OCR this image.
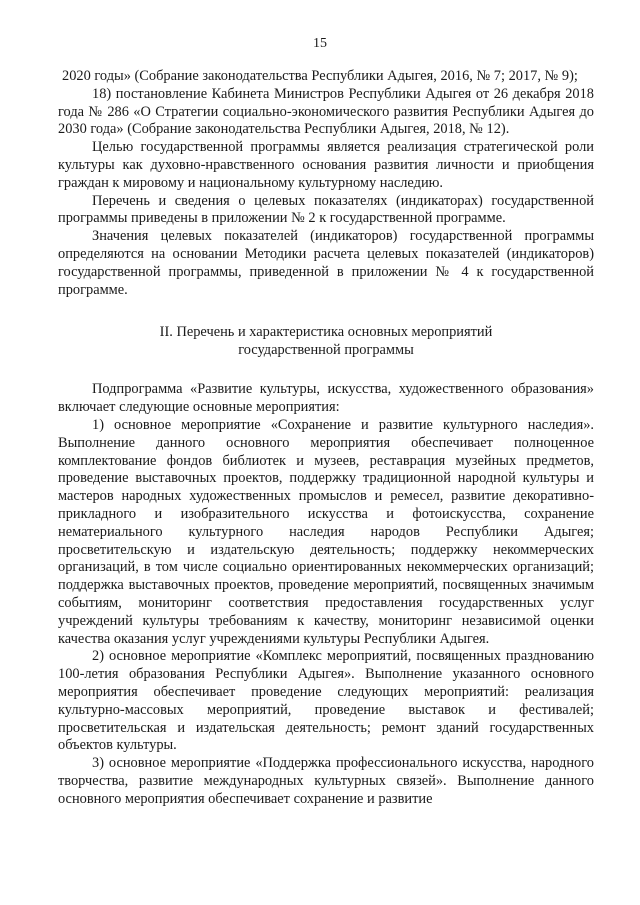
15

2020 годы» (Собрание законодательства Республики Адыгея, 2016, № 7; 2017, № 9);

18) постановление Кабинета Министров Республики Адыгея от 26 декабря 2018 года № 286 «О Стратегии социально-экономического развития Республики Адыгея до 2030 года» (Собрание законодательства Республики Адыгея, 2018, № 12).

Целью государственной программы является реализация стратегической роли культуры как духовно-нравственного основания развития личности и приобщения граждан к мировому и национальному культурному наследию.

Перечень и сведения о целевых показателях (индикаторах) государственной программы приведены в приложении № 2 к государственной программе.

Значения целевых показателей (индикаторов) государственной программы определяются на основании Методики расчета целевых показателей (индикаторов) государственной программы, приведенной в приложении № 4 к государственной программе.

II. Перечень и характеристика основных мероприятий
государственной программы

Подпрограмма «Развитие культуры, искусства, художественного образования» включает следующие основные мероприятия:

1) основное мероприятие «Сохранение и развитие культурного наследия». Выполнение данного основного мероприятия обеспечивает полноценное комплектование фондов библиотек и музеев, реставрация музейных предметов, проведение выставочных проектов, поддержку традиционной народной культуры и мастеров народных художественных промыслов и ремесел, развитие декоративно-прикладного и изобразительного искусства и фотоискусства, сохранение нематериального культурного наследия народов Республики Адыгея; просветительскую и издательскую деятельность; поддержку некоммерческих организаций, в том числе социально ориентированных некоммерческих организаций; поддержка выставочных проектов, проведение мероприятий, посвященных значимым событиям, мониторинг соответствия предоставления государственных услуг учреждений культуры требованиям к качеству, мониторинг независимой оценки качества оказания услуг учреждениями культуры Республики Адыгея.

2) основное мероприятие «Комплекс мероприятий, посвященных празднованию 100-летия образования Республики Адыгея». Выполнение указанного основного мероприятия обеспечивает проведение следующих мероприятий: реализация культурно-массовых мероприятий, проведение выставок и фестивалей; просветительская и издательская деятельность; ремонт зданий государственных объектов культуры.

3) основное мероприятие «Поддержка профессионального искусства, народного творчества, развитие международных культурных связей». Выполнение данного основного мероприятия обеспечивает сохранение и развитие
